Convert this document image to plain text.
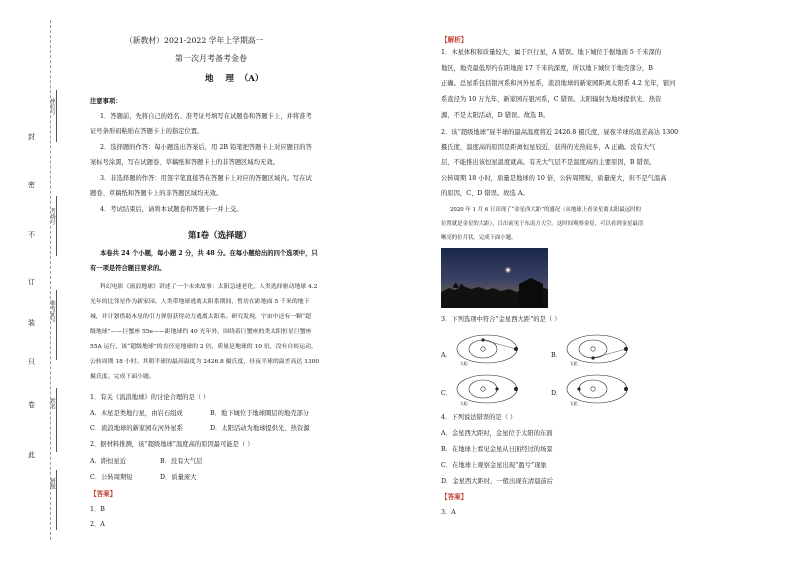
座位号
考场号
准考证号
姓名
班级
封
密
不
订
装
只
卷
此
（新教材）2021-2022 学年上学期高一
第一次月考备考金卷
地    理  （A）
注意事项：
1．答题前，先将自己的姓名、准考证号填写在试题卷和答题卡上，并将准考
证号条形码粘贴在答题卡上的指定位置。
2．选择题的作答：每小题选出答案后，用 2B 铅笔把答题卡上对应题目的答
案标号涂黑，写在试题卷、草稿纸和答题卡上的非答题区域均无效。
3．非选择题的作答：用签字笔直接答在答题卡上对应的答题区域内。写在试
题卷、草稿纸和答题卡上的非答题区域均无效。
4．考试结束后，请将本试题卷和答题卡一并上交。
第Ⅰ卷（选择题）
本卷共 24 个小题，每小题 2 分，共 48 分。在每小题给出的四个选项中，只
有一项是符合题目要求的。
科幻电影《流浪地球》讲述了一个未来故事：太阳急速老化，人类选择驱动地球 4.2
光年的比邻星作为新家园。人类带地球逃离太阳系期间，暂居在距地面 5 千米的地下
城，并计划借助木星的引力弹射获得动力逃离太阳系。研究发现，宇宙中还有一颗“超
级地球”——巨蟹座 55e——距地球约 40 光年外，围绕着巨蟹座的类太阳恒星巨蟹座
55A 运行，该“超级地球”的直径是地球的 2 倍，质量是地球的 10 倍，没有自转运动，
公转周期 18 小时。其朝半球的最高温度为 2426.8 摄氏度，昼夜半球的温差高达 1300
摄氏度。完成下面小题。
1．有关《流浪地球》的讨论合理的是（ ）
A．木星是类地行星，由岩石组成	B．地下城位于地球圈层的地壳部分
C．流浪地球的新家园在河外星系	D．太阳活动为地球提供光、热资源
2．据材料推测，该“超级地球”温度高的原因最可能是（ ）
A．距恒星近	B．没有大气层
C．公转周期短	D．质量庞大
【答案】
1．B
2．A
【解析】
1．木星体积和质量较大，属于巨行星，A 错误。地下城位于据地面 5 千米深的
地区，地壳最低厚约在距地面 17 千米的深度，所以地下城位于地壳部分，B
正确。总星系包括银河系和河外星系，流浪地球的新家园距离太阳系 4.2 光年，银河
系直径为 10 万光年，新家园在银河系，C 错误。太阳辐射为地球提供光、热资
源，不是太阳活动，D 错误。故选 B。
2．该“超级地球”昼半球的最高温度将近 2426.8 摄氏度，昼夜半球的温差高达 1300
摄氏度，温度高的原因是距离恒星较近，获得的光热较多，A 正确。没有大气
层，不能推出该恒星温度就高。有无大气层不是温度高的主要原因，B 错误。
公转周期 18 小时，质量是地球的 10 倍，公转周期短，质量庞大，但不是气温高
的原因，C、D 错误。故选 A。
2020 年 1 月 6 日出现了“金星西大距”的盛况（从地球上看金星离太阳最远时的
位置就是金星的大距），日出前见于东南方天空。这时间观察金星，可以看到金星最清
晰亮的位月状。完成下面小题。
3．下列选项中符合“金星西大距”的是（ ）
A．
太阳
B．
太阳
C．
太阳
D．
太阳
4．下列说法错误的是（ ）
A．金星西大距时，金星位于太阳的东面
B．在地球上看见金星从日面经过的场景
C．在地球上观察金星出现“盈亏”现象
D．金星西大距时，一般出现在清晨前后
【答案】
3．A
